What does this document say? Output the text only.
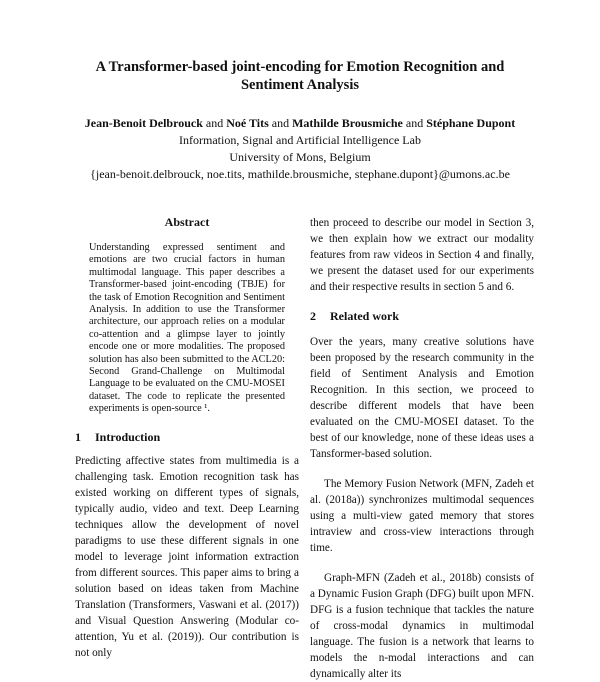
A Transformer-based joint-encoding for Emotion Recognition and
Sentiment Analysis
Jean-Benoit Delbrouck and Noé Tits and Mathilde Brousmiche and Stéphane Dupont
Information, Signal and Artificial Intelligence Lab
University of Mons, Belgium
{jean-benoit.delbrouck, noe.tits, mathilde.brousmiche, stephane.dupont}@umons.ac.be
Abstract

Understanding expressed sentiment and emotions are two crucial factors in human multimodal language. This paper describes a Transformer-based joint-encoding (TBJE) for the task of Emotion Recognition and Sentiment Analysis. In addition to use the Transformer architecture, our approach relies on a modular co-attention and a glimpse layer to jointly encode one or more modalities. The proposed solution has also been submitted to the ACL20: Second Grand-Challenge on Multimodal Language to be evaluated on the CMU-MOSEI dataset. The code to replicate the presented experiments is open-source ¹.

1 Introduction

Predicting affective states from multimedia is a challenging task. Emotion recognition task has existed working on different types of signals, typically audio, video and text. Deep Learning techniques allow the development of novel paradigms to use these different signals in one model to leverage joint information extraction from different sources. This paper aims to bring a solution based on ideas taken from Machine Translation (Transformers, Vaswani et al. (2017)) and Visual Question Answering (Modular co-attention, Yu et al. (2019)). Our contribution is not only

then proceed to describe our model in Section 3, we then explain how we extract our modality features from raw videos in Section 4 and finally, we present the dataset used for our experiments and their respective results in section 5 and 6.

2 Related work

Over the years, many creative solutions have been proposed by the research community in the field of Sentiment Analysis and Emotion Recognition. In this section, we proceed to describe different models that have been evaluated on the CMU-MOSEI dataset. To the best of our knowledge, none of these ideas uses a Tansformer-based solution.

The Memory Fusion Network (MFN, Zadeh et al. (2018a)) synchronizes multimodal sequences using a multi-view gated memory that stores intraview and cross-view interactions through time.

Graph-MFN (Zadeh et al., 2018b) consists of a Dynamic Fusion Graph (DFG) built upon MFN. DFG is a fusion technique that tackles the nature of cross-modal dynamics in multimodal language. The fusion is a network that learns to models the n-modal interactions and can dynamically alter its
